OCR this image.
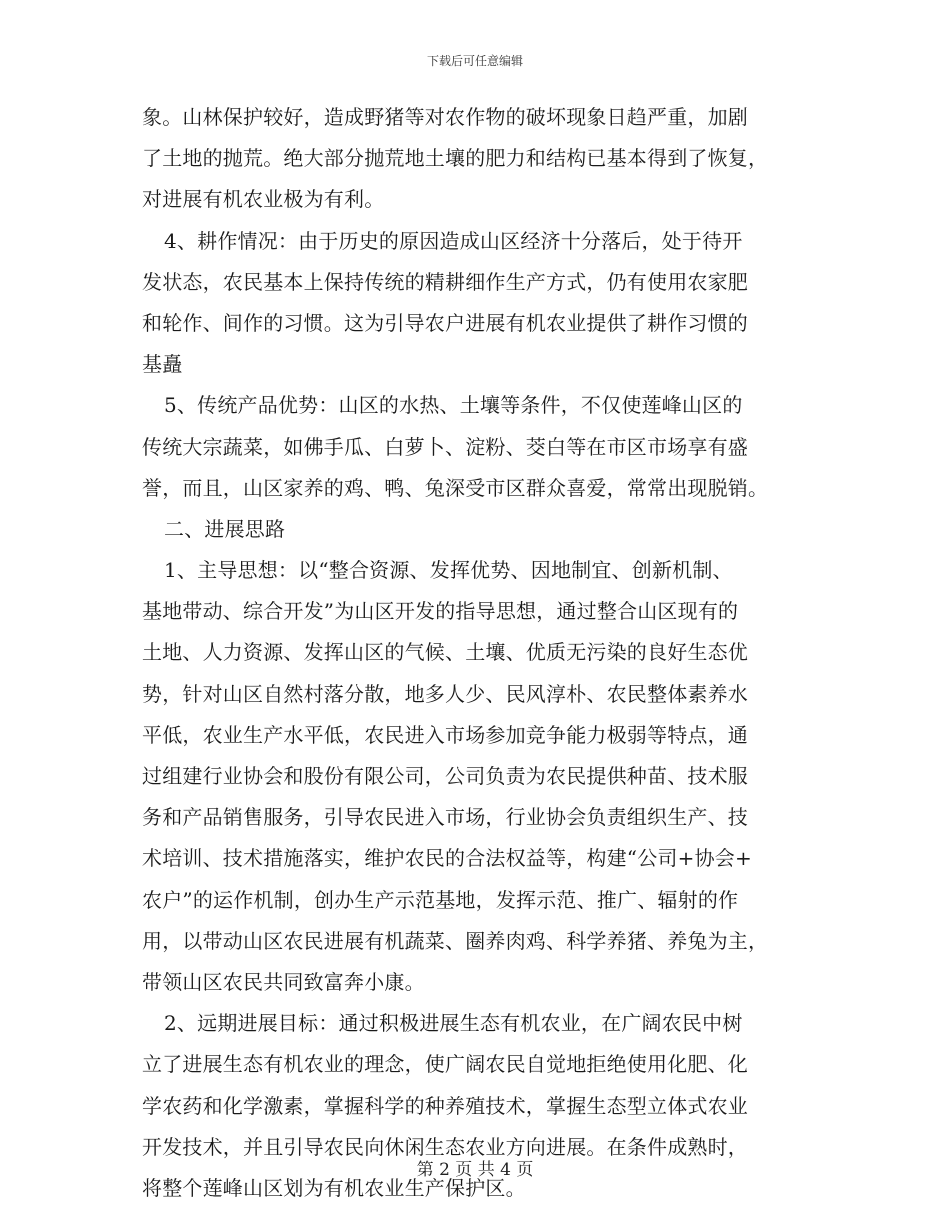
下载后可任意编辑
象。山林保护较好，造成野猪等对农作物的破坏现象日趋严重，加剧
了土地的抛荒。绝大部分抛荒地土壤的肥力和结构已基本得到了恢复，
对进展有机农业极为有利。
4、耕作情况：由于历史的原因造成山区经济十分落后，处于待开
发状态，农民基本上保持传统的精耕细作生产方式，仍有使用农家肥
和轮作、间作的习惯。这为引导农户进展有机农业提供了耕作习惯的
基矗
5、传统产品优势：山区的水热、土壤等条件，不仅使莲峰山区的
传统大宗蔬菜，如佛手瓜、白萝卜、淀粉、茭白等在市区市场享有盛
誉，而且，山区家养的鸡、鸭、兔深受市区群众喜爱，常常出现脱销。
二、进展思路
1、主导思想：以“整合资源、发挥优势、因地制宜、创新机制、
基地带动、综合开发”为山区开发的指导思想，通过整合山区现有的
土地、人力资源、发挥山区的气候、土壤、优质无污染的良好生态优
势，针对山区自然村落分散，地多人少、民风淳朴、农民整体素养水
平低，农业生产水平低，农民进入市场参加竞争能力极弱等特点，通
过组建行业协会和股份有限公司，公司负责为农民提供种苗、技术服
务和产品销售服务，引导农民进入市场，行业协会负责组织生产、技
术培训、技术措施落实，维护农民的合法权益等，构建“公司+协会+
农户”的运作机制，创办生产示范基地，发挥示范、推广、辐射的作
用，以带动山区农民进展有机蔬菜、圈养肉鸡、科学养猪、养兔为主，
带领山区农民共同致富奔小康。
2、远期进展目标：通过积极进展生态有机农业，在广阔农民中树
立了进展生态有机农业的理念，使广阔农民自觉地拒绝使用化肥、化
学农药和化学激素，掌握科学的种养殖技术，掌握生态型立体式农业
开发技术，并且引导农民向休闲生态农业方向进展。在条件成熟时，
将整个莲峰山区划为有机农业生产保护区。
第 2 页 共 4 页
